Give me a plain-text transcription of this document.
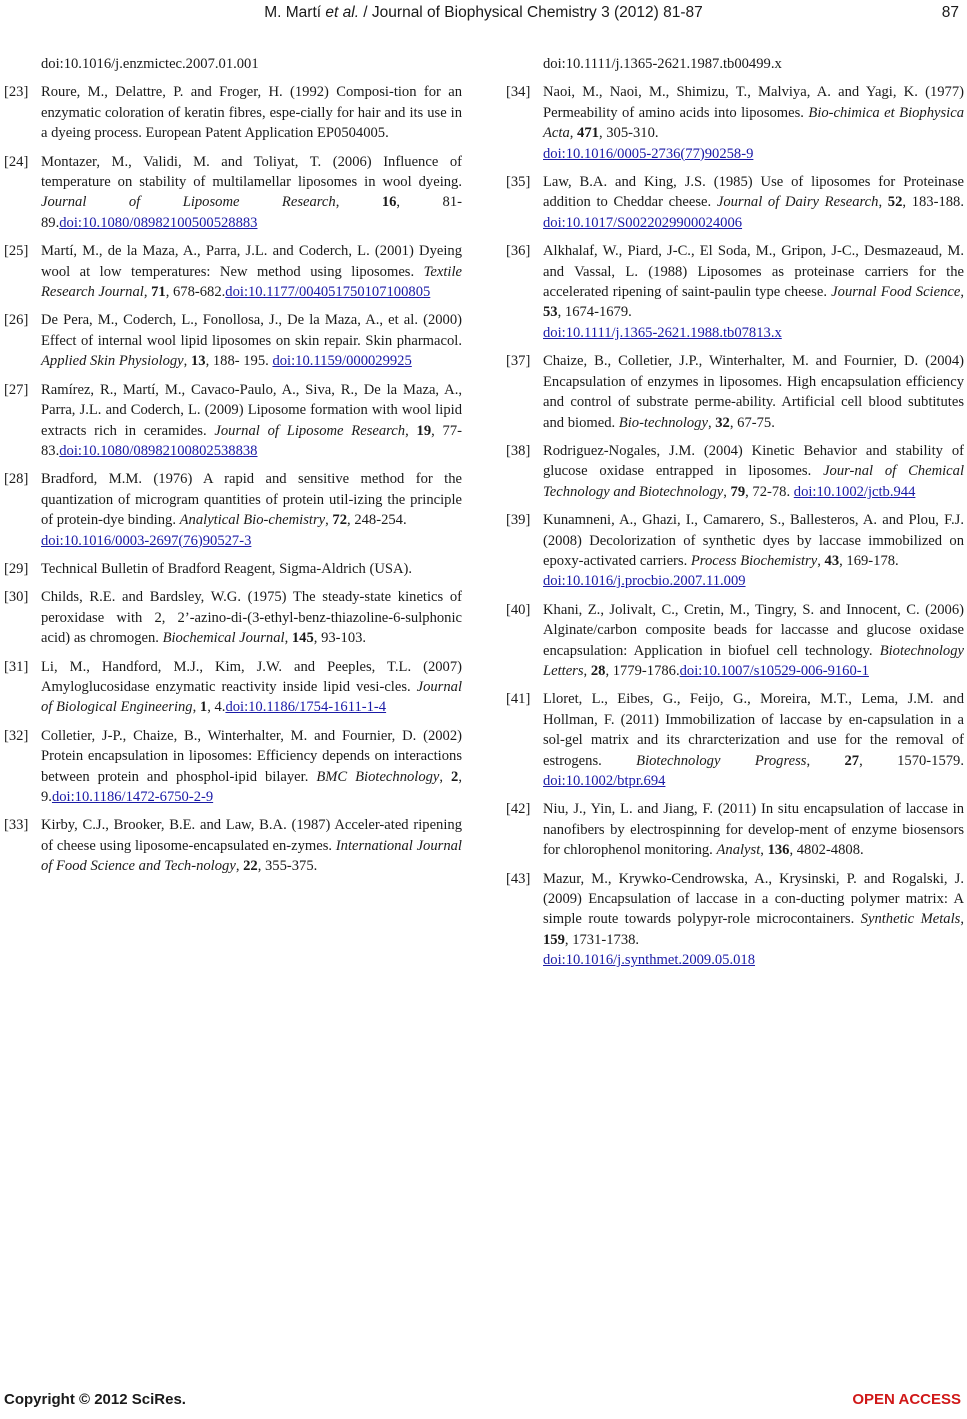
M. Martí et al. / Journal of Biophysical Chemistry 3 (2012) 81-87	87
doi:10.1016/j.enzmictec.2007.01.001
[23] Roure, M., Delattre, P. and Froger, H. (1992) Composi-tion for an enzymatic coloration of keratin fibres, espe-cially for hair and its use in a dyeing process. European Patent Application EP0504005.
[24] Montazer, M., Validi, M. and Toliyat, T. (2006) Influence of temperature on stability of multilamellar liposomes in wool dyeing. Journal of Liposome Research, 16, 81-89.doi:10.1080/08982100500528883
[25] Martí, M., de la Maza, A., Parra, J.L. and Coderch, L. (2001) Dyeing wool at low temperatures: New method using liposomes. Textile Research Journal, 71, 678-682.doi:10.1177/004051750107100805
[26] De Pera, M., Coderch, L., Fonollosa, J., De la Maza, A., et al. (2000) Effect of internal wool lipid liposomes on skin repair. Skin pharmacol. Applied Skin Physiology, 13, 188- 195. doi:10.1159/000029925
[27] Ramírez, R., Martí, M., Cavaco-Paulo, A., Siva, R., De la Maza, A., Parra, J.L. and Coderch, L. (2009) Liposome formation with wool lipid extracts rich in ceramides. Journal of Liposome Research, 19, 77-83.doi:10.1080/08982100802538838
[28] Bradford, M.M. (1976) A rapid and sensitive method for the quantization of microgram quantities of protein util-izing the principle of protein-dye binding. Analytical Bio-chemistry, 72, 248-254.
doi:10.1016/0003-2697(76)90527-3
[29] Technical Bulletin of Bradford Reagent, Sigma-Aldrich (USA).
[30] Childs, R.E. and Bardsley, W.G. (1975) The steady-state kinetics of peroxidase with 2, 2’-azino-di-(3-ethyl-benz-thiazoline-6-sulphonic acid) as chromogen. Biochemical Journal, 145, 93-103.
[31] Li, M., Handford, M.J., Kim, J.W. and Peeples, T.L. (2007) Amyloglucosidase enzymatic reactivity inside lipid vesi-cles. Journal of Biological Engineering, 1, 4.doi:10.1186/1754-1611-1-4
[32] Colletier, J-P., Chaize, B., Winterhalter, M. and Fournier, D. (2002) Protein encapsulation in liposomes: Efficiency depends on interactions between protein and phosphol-ipid bilayer. BMC Biotechnology, 2, 9.doi:10.1186/1472-6750-2-9
[33] Kirby, C.J., Brooker, B.E. and Law, B.A. (1987) Acceler-ated ripening of cheese using liposome-encapsulated en-zymes. International Journal of Food Science and Tech-nology, 22, 355-375.
doi:10.1111/j.1365-2621.1987.tb00499.x
[34] Naoi, M., Naoi, M., Shimizu, T., Malviya, A. and Yagi, K. (1977) Permeability of amino acids into liposomes. Bio-chimica et Biophysica Acta, 471, 305-310.
doi:10.1016/0005-2736(77)90258-9
[35] Law, B.A. and King, J.S. (1985) Use of liposomes for Proteinase addition to Cheddar cheese. Journal of Dairy Research, 52, 183-188. doi:10.1017/S0022029900024006
[36] Alkhalaf, W., Piard, J-C., El Soda, M., Gripon, J-C., Desmazeaud, M. and Vassal, L. (1988) Liposomes as proteinase carriers for the accelerated ripening of saint-paulin type cheese. Journal Food Science, 53, 1674-1679.
doi:10.1111/j.1365-2621.1988.tb07813.x
[37] Chaize, B., Colletier, J.P., Winterhalter, M. and Fournier, D. (2004) Encapsulation of enzymes in liposomes. High encapsulation efficiency and control of substrate perme-ability. Artificial cell blood subtitutes and biomed. Bio-technology, 32, 67-75.
[38] Rodriguez-Nogales, J.M. (2004) Kinetic Behavior and stability of glucose oxidase entrapped in liposomes. Jour-nal of Chemical Technology and Biotechnology, 79, 72-78. doi:10.1002/jctb.944
[39] Kunamneni, A., Ghazi, I., Camarero, S., Ballesteros, A. and Plou, F.J. (2008) Decolorization of synthetic dyes by laccase immobilized on epoxy-activated carriers. Process Biochemistry, 43, 169-178.
doi:10.1016/j.procbio.2007.11.009
[40] Khani, Z., Jolivalt, C., Cretin, M., Tingry, S. and Innocent, C. (2006) Alginate/carbon composite beads for laccasse and glucose oxidase encapsulation: Application in biofuel cell technology. Biotechnology Letters, 28, 1779-1786.doi:10.1007/s10529-006-9160-1
[41] Lloret, L., Eibes, G., Feijo, G., Moreira, M.T., Lema, J.M. and Hollman, F. (2011) Immobilization of laccase by en-capsulation in a sol-gel matrix and its chrarcterization and use for the removal of estrogens. Biotechnology Progress, 27, 1570-1579. doi:10.1002/btpr.694
[42] Niu, J., Yin, L. and Jiang, F. (2011) In situ encapsulation of laccase in nanofibers by electrospinning for develop-ment of enzyme biosensors for chlorophenol monitoring. Analyst, 136, 4802-4808.
[43] Mazur, M., Krywko-Cendrowska, A., Krysinski, P. and Rogalski, J. (2009) Encapsulation of laccase in a con-ducting polymer matrix: A simple route towards polypyr-role microcontainers. Synthetic Metals, 159, 1731-1738.
doi:10.1016/j.synthmet.2009.05.018
Copyright © 2012 SciRes.	OPEN ACCESS
